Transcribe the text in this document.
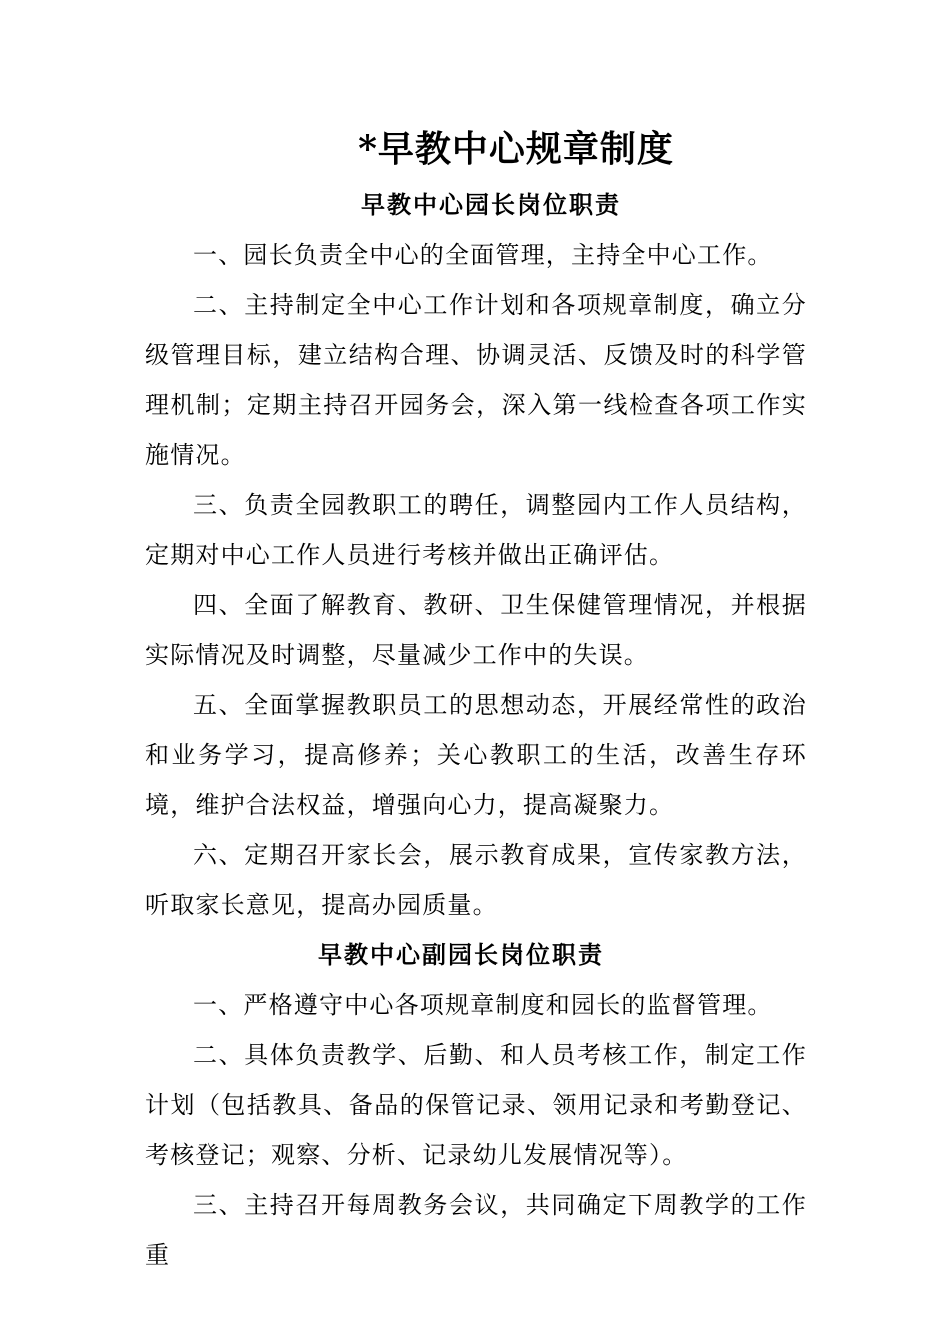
*早教中心规章制度
早教中心园长岗位职责

一、园长负责全中心的全面管理，主持全中心工作。

二、主持制定全中心工作计划和各项规章制度，确立分级管理目标，建立结构合理、协调灵活、反馈及时的科学管理机制；定期主持召开园务会，深入第一线检查各项工作实施情况。

三、负责全园教职工的聘任，调整园内工作人员结构，定期对中心工作人员进行考核并做出正确评估。

四、全面了解教育、教研、卫生保健管理情况，并根据实际情况及时调整，尽量减少工作中的失误。

五、全面掌握教职员工的思想动态，开展经常性的政治和业务学习，提高修养；关心教职工的生活，改善生存环境，维护合法权益，增强向心力，提高凝聚力。

六、定期召开家长会，展示教育成果，宣传家教方法，听取家长意见，提高办园质量。

早教中心副园长岗位职责

一、严格遵守中心各项规章制度和园长的监督管理。

二、具体负责教学、后勤、和人员考核工作，制定工作计划（包括教具、备品的保管记录、领用记录和考勤登记、考核登记；观察、分析、记录幼儿发展情况等）。

三、主持召开每周教务会议，共同确定下周教学的工作重
